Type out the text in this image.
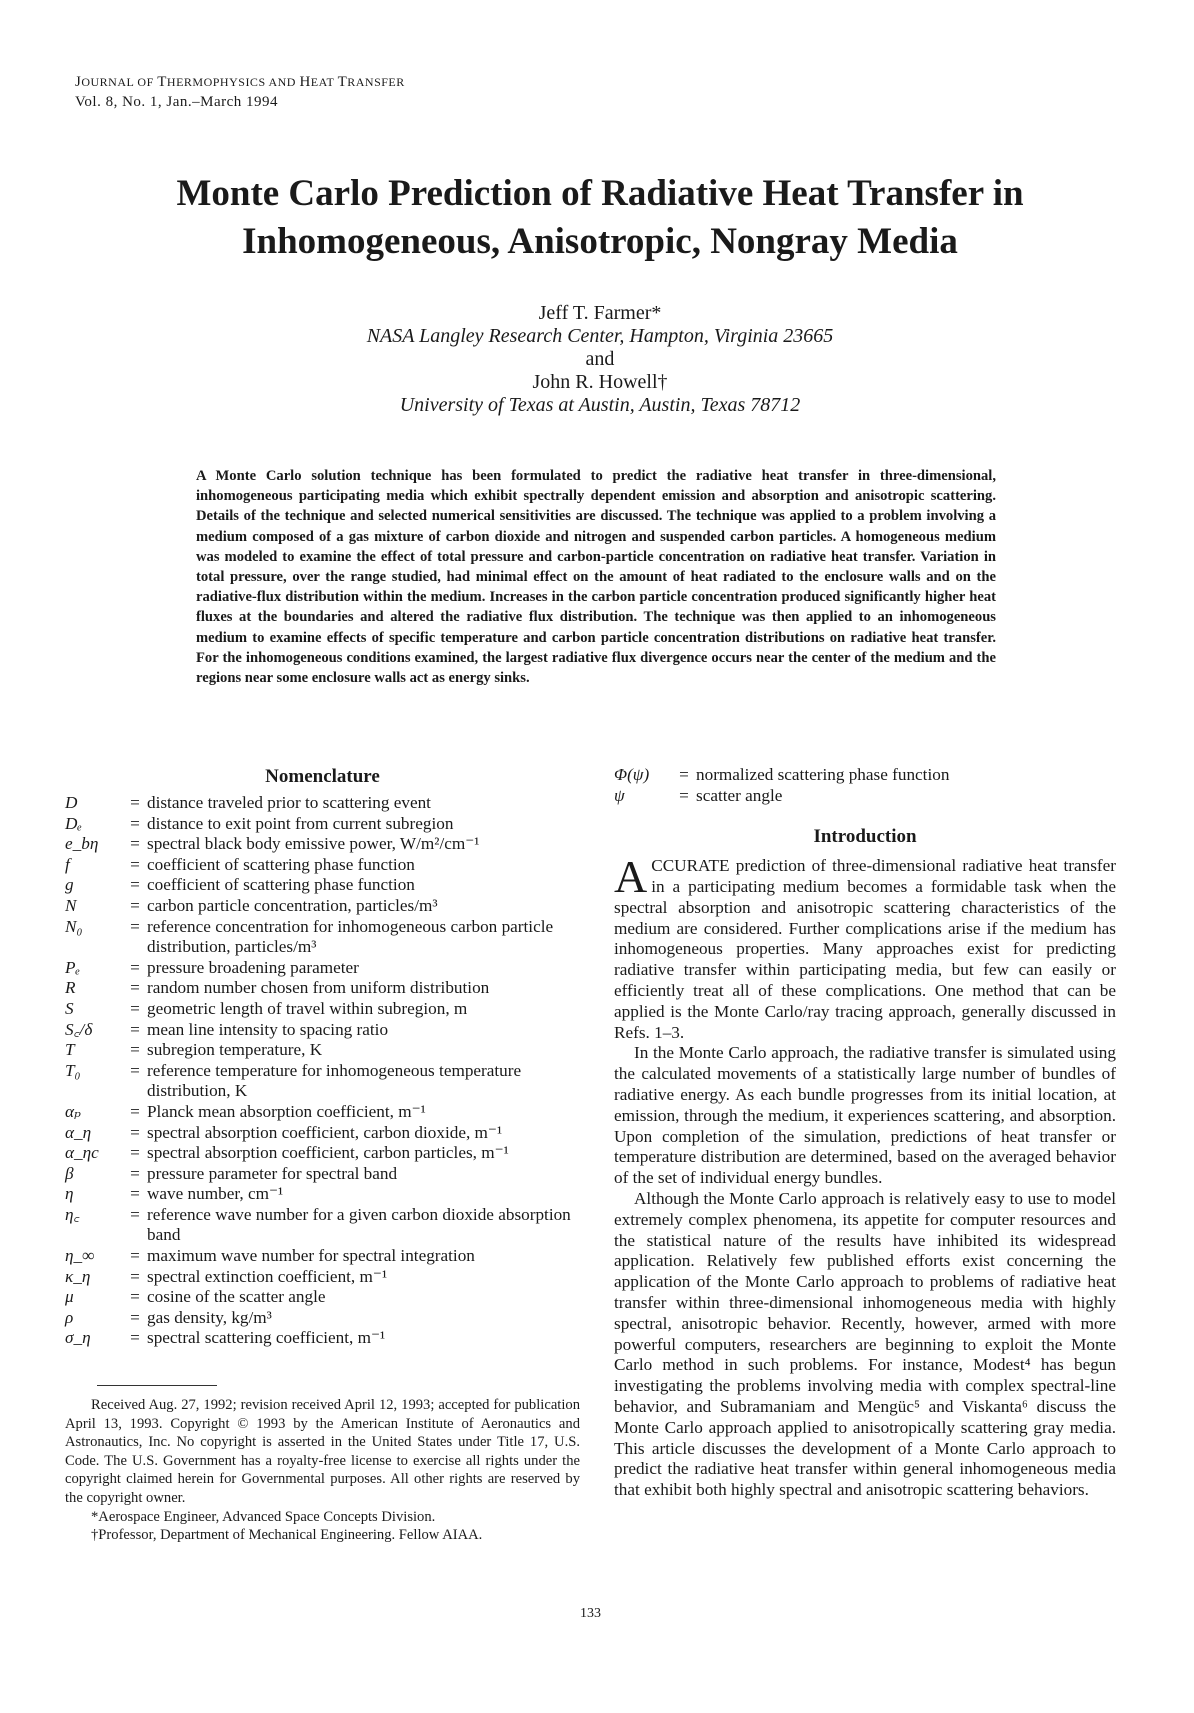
JOURNAL OF THERMOPHYSICS AND HEAT TRANSFER
Vol. 8, No. 1, Jan.–March 1994
Monte Carlo Prediction of Radiative Heat Transfer in
Inhomogeneous, Anisotropic, Nongray Media
Jeff T. Farmer*
NASA Langley Research Center, Hampton, Virginia 23665
and
John R. Howell†
University of Texas at Austin, Austin, Texas 78712
A Monte Carlo solution technique has been formulated to predict the radiative heat transfer in three-dimensional, inhomogeneous participating media which exhibit spectrally dependent emission and absorption and anisotropic scattering. Details of the technique and selected numerical sensitivities are discussed. The technique was applied to a problem involving a medium composed of a gas mixture of carbon dioxide and nitrogen and suspended carbon particles. A homogeneous medium was modeled to examine the effect of total pressure and carbon-particle concentration on radiative heat transfer. Variation in total pressure, over the range studied, had minimal effect on the amount of heat radiated to the enclosure walls and on the radiative-flux distribution within the medium. Increases in the carbon particle concentration produced significantly higher heat fluxes at the boundaries and altered the radiative flux distribution. The technique was then applied to an inhomogeneous medium to examine effects of specific temperature and carbon particle concentration distributions on radiative heat transfer. For the inhomogeneous conditions examined, the largest radiative flux divergence occurs near the center of the medium and the regions near some enclosure walls act as energy sinks.
Nomenclature
D	= distance traveled prior to scattering event
Dₑ	= distance to exit point from current subregion
e_bη	= spectral black body emissive power, W/m²/cm⁻¹
f	= coefficient of scattering phase function
g	= coefficient of scattering phase function
N	= carbon particle concentration, particles/m³
N₀	= reference concentration for inhomogeneous carbon particle distribution, particles/m³
Pₑ	= pressure broadening parameter
R	= random number chosen from uniform distribution
S	= geometric length of travel within subregion, m
S꜀/δ	= mean line intensity to spacing ratio
T	= subregion temperature, K
T₀	= reference temperature for inhomogeneous temperature distribution, K
αₚ	= Planck mean absorption coefficient, m⁻¹
α_η	= spectral absorption coefficient, carbon dioxide, m⁻¹
α_ηc	= spectral absorption coefficient, carbon particles, m⁻¹
β	= pressure parameter for spectral band
η	= wave number, cm⁻¹
η꜀	= reference wave number for a given carbon dioxide absorption band
η_∞	= maximum wave number for spectral integration
κ_η	= spectral extinction coefficient, m⁻¹
μ	= cosine of the scatter angle
ρ	= gas density, kg/m³
σ_η	= spectral scattering coefficient, m⁻¹

Received Aug. 27, 1992; revision received April 12, 1993; accepted for publication April 13, 1993. Copyright © 1993 by the American Institute of Aeronautics and Astronautics, Inc. No copyright is asserted in the United States under Title 17, U.S. Code. The U.S. Government has a royalty-free license to exercise all rights under the copyright claimed herein for Governmental purposes. All other rights are reserved by the copyright owner.

*Aerospace Engineer, Advanced Space Concepts Division.

†Professor, Department of Mechanical Engineering. Fellow AIAA.

Φ(ψ)	= normalized scattering phase function
ψ	= scatter angle
Introduction

ACCURATE prediction of three-dimensional radiative heat transfer in a participating medium becomes a formidable task when the spectral absorption and anisotropic scattering characteristics of the medium are considered. Further complications arise if the medium has inhomogeneous properties. Many approaches exist for predicting radiative transfer within participating media, but few can easily or efficiently treat all of these complications. One method that can be applied is the Monte Carlo/ray tracing approach, generally discussed in Refs. 1–3.

In the Monte Carlo approach, the radiative transfer is simulated using the calculated movements of a statistically large number of bundles of radiative energy. As each bundle progresses from its initial location, at emission, through the medium, it experiences scattering, and absorption. Upon completion of the simulation, predictions of heat transfer or temperature distribution are determined, based on the averaged behavior of the set of individual energy bundles.

Although the Monte Carlo approach is relatively easy to use to model extremely complex phenomena, its appetite for computer resources and the statistical nature of the results have inhibited its widespread application. Relatively few published efforts exist concerning the application of the Monte Carlo approach to problems of radiative heat transfer within three-dimensional inhomogeneous media with highly spectral, anisotropic behavior. Recently, however, armed with more powerful computers, researchers are beginning to exploit the Monte Carlo method in such problems. For instance, Modest⁴ has begun investigating the problems involving media with complex spectral-line behavior, and Subramaniam and Mengüc⁵ and Viskanta⁶ discuss the Monte Carlo approach applied to anisotropically scattering gray media. This article discusses the development of a Monte Carlo approach to predict the radiative heat transfer within general inhomogeneous media that exhibit both highly spectral and anisotropic scattering behaviors.

133
